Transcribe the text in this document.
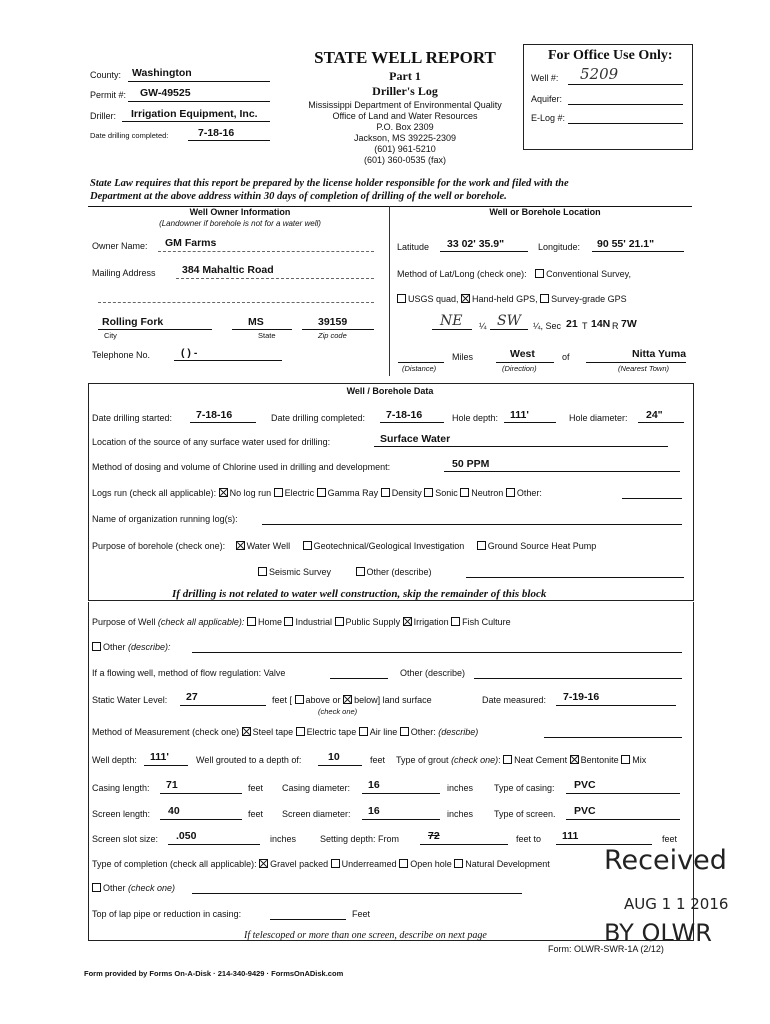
County: Washington
Permit #: GW-49525
Driller: Irrigation Equipment, Inc.
Date drilling completed:	7-18-16
STATE WELL REPORT
Part 1
Driller's Log
Mississippi Department of Environmental Quality
Office of Land and Water Resources
P.O. Box 2309
Jackson, MS 39225-2309
(601) 961-5210
(601) 360-0535 (fax)
For Office Use Only:
Well #: 5209
Aquifer:
E-Log #:
State Law requires that this report be prepared by the license holder responsible for the work and filed with the
Department at the above address within 30 days of completion of drilling of the well or borehole.
Well Owner Information
(Landowner if borehole is not for a water well)
Well or Borehole Location
Owner Name: GM Farms
Mailing Address	384 Mahaltic Road
Rolling Fork	MS	39159
City	State	Zip code
Telephone No.	( ) -
Latitude 33 02' 35.9"	Longitude: 90 55' 21.1"
Method of Lat/Long (check one): Conventional Survey,
USGS quad, Hand-held GPS, Survey-grade GPS
NE ¼ SW ¼, Sec 21 T 14N R 7W
Miles	West	of	Nitta Yuma
(Distance)	(Direction)	(Nearest Town)
Well / Borehole Data
Date drilling started: 7-18-16	Date drilling completed: 7-18-16	Hole depth: 111'	Hole diameter: 24"
Location of the source of any surface water used for drilling:	Surface Water
Method of dosing and volume of Chlorine used in drilling and development:	50 PPM
Logs run (check all applicable): No log run Electric Gamma Ray Density Sonic Neutron Other:
Name of organization running log(s):
Purpose of borehole (check one): Water Well	Geotechnical/Geological Investigation	Ground Source Heat Pump
Seismic Survey	Other (describe)
If drilling is not related to water well construction, skip the remainder of this block
Purpose of Well (check all applicable): Home Industrial Public Supply Irrigation Fish Culture
Other (describe):
If a flowing well, method of flow regulation: Valve	Other (describe)
Static Water Level: 27	feet [ above or below] land surface
(check one)
Date measured: 7-19-16
Method of Measurement (check one) Steel tape Electric tape Air line Other: (describe)
Well depth: 111'	Well grouted to a depth of:	10	feet Type of grout (check one): Neat Cement Bentonite Mix
Casing length: 71	feet Casing diameter: 16	inches Type of casing: PVC
Screen length: 40	feet Screen diameter: 16	inches Type of screen. PVC
Screen slot size: .050	inches	Setting depth: From	72	feet to 111	feet
Type of completion (check all applicable): Gravel packed Underreamed Open hole Natural Development
Other (check one)
Top of lap pipe or reduction in casing:	Feet
If telescoped or more than one screen, describe on next page
Received
AUG 1 1 2016
BY OLWR
Form: OLWR-SWR-1A (2/12)
Form provided by Forms On-A-Disk · 214-340-9429 · FormsOnADisk.com
